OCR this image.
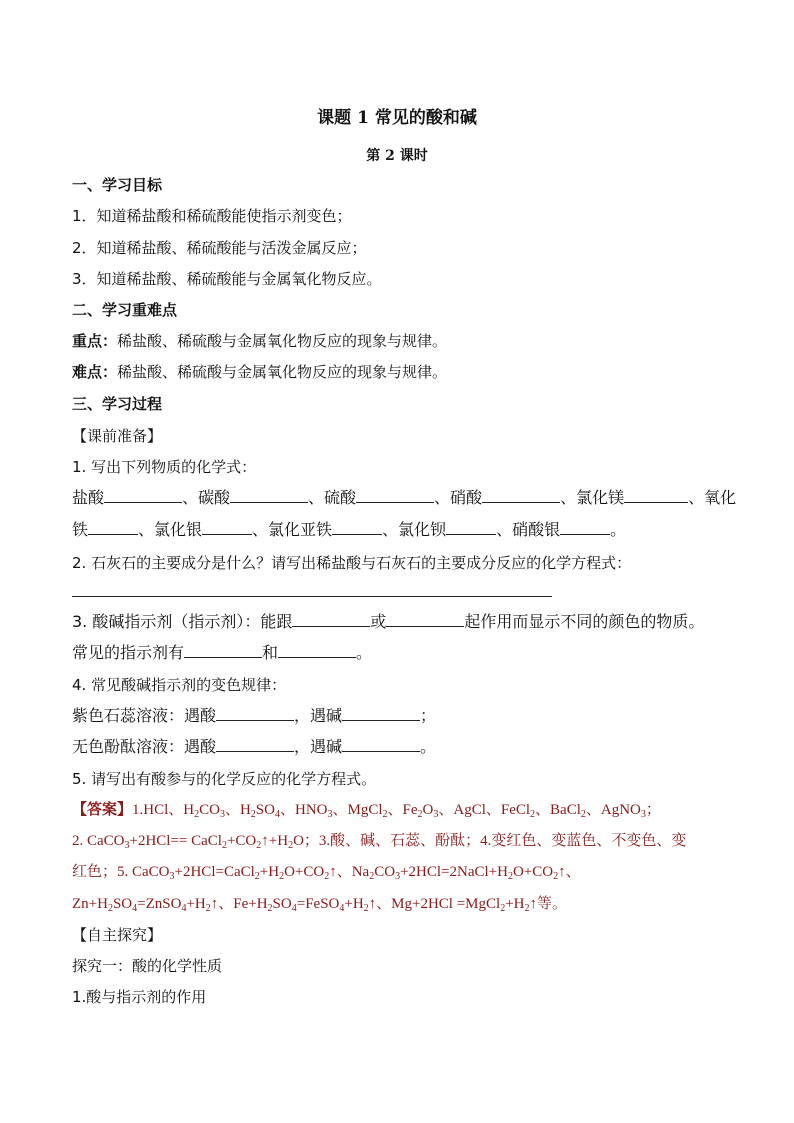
课题 1 常见的酸和碱
第 2 课时
一、学习目标
1．知道稀盐酸和稀硫酸能使指示剂变色；
2．知道稀盐酸、稀硫酸能与活泼金属反应；
3．知道稀盐酸、稀硫酸能与金属氧化物反应。
二、学习重难点
重点：稀盐酸、稀硫酸与金属氧化物反应的现象与规律。
难点：稀盐酸、稀硫酸与金属氧化物反应的现象与规律。
三、学习过程
【课前准备】
1. 写出下列物质的化学式：
盐酸	、碳酸	、硫酸	、硝酸	、氯化镁	、氧化
铁	、氯化银	、氯化亚铁	、氯化钡	、硝酸银	。
2. 石灰石的主要成分是什么？请写出稀盐酸与石灰石的主要成分反应的化学方程式：
3. 酸碱指示剂（指示剂）：能跟	或	起作用而显示不同的颜色的物质。
常见的指示剂有	和	。
4. 常见酸碱指示剂的变色规律：
紫色石蕊溶液：遇酸	，遇碱	；
无色酚酞溶液：遇酸	，遇碱	。
5. 请写出有酸参与的化学反应的化学方程式。
【答案】1.HCl、$H_2CO_3$、$H_2SO_4$、$HNO_3$、MgCl$_2$、$Fe_2O_3$、AgCl、FeCl$_2$、BaCl$_2$、AgNO$_3$；
2. CaCO$_3$+2HCl== $CaCl_2+CO_2↑+H_2O$；3.酸、碱、石蕊、酚酞；4.变红色、变蓝色、不变色、变
红色；5. $CaCO_3+2HCl=CaCl_2+H_2O+CO_2↑$、$Na_2CO_3+2HCl=2NaCl+H_2O+CO_2↑$、
$Zn+H_2SO_4=ZnSO_4+H_2↑$、$Fe+H_2SO_4=FeSO_4+H_2↑$、$Mg+2HCl =MgCl_2+H_2↑$等。
【自主探究】
探究一：酸的化学性质
1.酸与指示剂的作用
